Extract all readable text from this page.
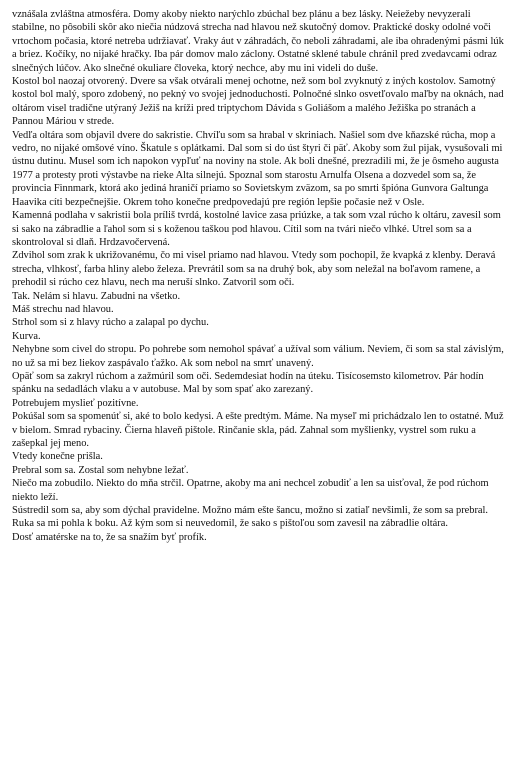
vznášala zvláštna atmosféra. Domy akoby niekto narýchlo zbúchal bez plánu a bez lásky. Neiežeby nevyzerali stabilne, no pôsobili skôr ako niečia núdzová strecha nad hlavou než skutočný domov. Praktické dosky odolné voči vrtochom počasia, ktoré netreba udržiavať. Vraky áut v záhradách, čo neboli záhradami, ale iba ohradenými pásmi lúk a briez. Kočíky, no nijaké hračky. Iba pár domov malo záclony. Ostatné sklené tabule chránil pred zvedavcami odraz slnečných lúčov. Ako slnečné okuliare človeka, ktorý nechce, aby mu ini videli do duše.

Kostol bol naozaj otvorený. Dvere sa však otvárali menej ochotne, než som bol zvyknutý z iných kostolov. Samotný kostol bol malý, sporo zdobený, no pekný vo svojej jednoduchosti. Polnočné slnko osvetľovalo maľby na oknách, nad oltárom visel tradične utýraný Ježiš na kríži pred triptychom Dávida s Goliášom a malého Ježiška po stranách a Pannou Máriou v strede.

Vedľa oltára som objavil dvere do sakristie. Chvíľu som sa hrabal v skriniach. Našiel som dve kňazské rúcha, mop a vedro, no nijaké omšové víno. Škatule s oplátkami. Dal som si do úst štyri či päť. Akoby som žul pijak, vysušovali mi ústnu dutinu. Musel som ich napokon vypľuť na noviny na stole. Ak boli dnešné, prezradili mi, že je ôsmeho augusta 1977 a protesty proti výstavbe na rieke Alta silnejú. Spoznal som starostu Arnulfa Olsena a dozvedel som sa, že provincia Finnmark, ktorá ako jediná hraničí priamo so Sovietskym zväzom, sa po smrti špióna Gunvora Galtunga Haavika cíti bezpečnejšie. Okrem toho konečne predpovedajú pre región lepšie počasie než v Osle.

Kamenná podlaha v sakristii bola príliš tvrdá, kostolné lavice zasa priúzke, a tak som vzal rúcho k oltáru, zavesil som si sako na zábradlie a ľahol som si s koženou taškou pod hlavou. Cítil som na tvári niečo vlhké. Utrel som sa a skontroloval si dlaň. Hrdzavočervená.

Zdvihol som zrak k ukrižovanému, čo mi visel priamo nad hlavou. Vtedy som pochopil, že kvapká z klenby. Deravá strecha, vlhkosť, farba hliny alebo železa. Prevrátil som sa na druhý bok, aby som neležal na boľavom ramene, a prehodil si rúcho cez hlavu, nech ma neruší slnko. Zatvoril som oči.

Tak. Nelám si hlavu. Zabudni na všetko.

Máš strechu nad hlavou.

Strhol som si z hlavy rúcho a zalapal po dychu.

Kurva.

Nehybne som civel do stropu. Po pohrebe som nemohol spávať a užíval som válium. Neviem, či som sa stal závislým, no už sa mi bez liekov zaspávalo ťažko. Ak som nebol na smrť unavený.

Opäť som sa zakryl rúchom a zažmúril som oči. Sedemdesiat hodín na úteku. Tisícosemsto kilometrov. Pár hodín spánku na sedadlách vlaku a v autobuse. Mal by som spať ako zarezaný.

Potrebujem myslieť pozitívne.

Pokúšal som sa spomenúť si, aké to bolo kedysi. A ešte predtým. Máme. Na myseľ mi prichádzalo len to ostatné. Muž v bielom. Smrad rybaciny. Čierna hlaveň pištole. Rinčanie skla, pád. Zahnal som myšlienky, vystrel som ruku a zašepkal jej meno.

Vtedy konečne prišla.

Prebral som sa. Zostal som nehybne ležať.

Niečo ma zobudilo. Niekto do mňa strčil. Opatrne, akoby ma ani nechcel zobudiť a len sa uisťoval, že pod rúchom niekto leží.

Sústredil som sa, aby som dýchal pravidelne. Možno mám ešte šancu, možno si zatiaľ nevšimli, že som sa prebral.

Ruka sa mi pohla k boku. Až kým som si neuvedomil, že sako s pištoľou som zavesil na zábradlie oltára.

Dosť amatérske na to, že sa snažím byť profík.
